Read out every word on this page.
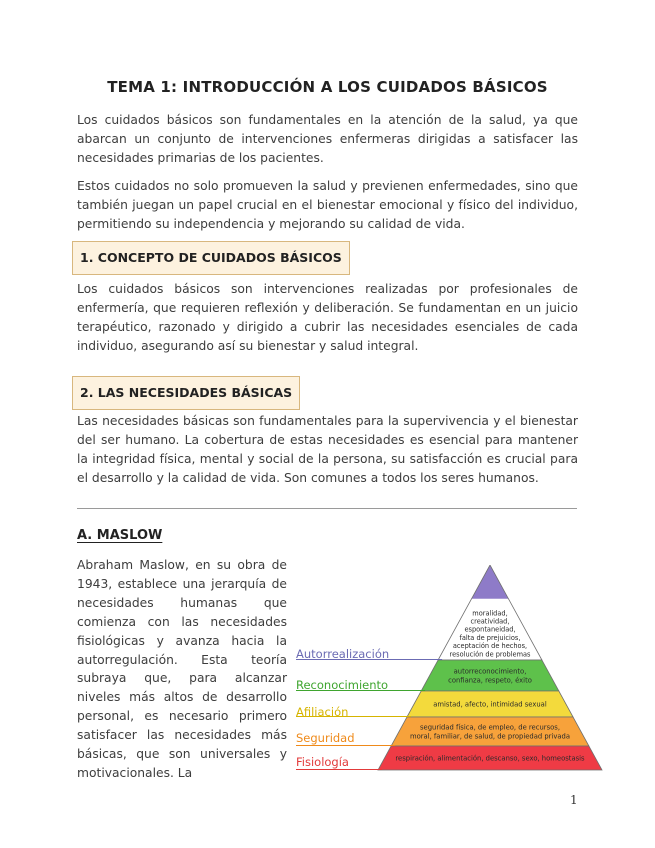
TEMA 1: INTRODUCCIÓN A LOS CUIDADOS BÁSICOS

Los cuidados básicos son fundamentales en la atención de la salud, ya que abarcan un conjunto de intervenciones enfermeras dirigidas a satisfacer las necesidades primarias de los pacientes.

Estos cuidados no solo promueven la salud y previenen enfermedades, sino que también juegan un papel crucial en el bienestar emocional y físico del individuo, permitiendo su independencia y mejorando su calidad de vida.

1. CONCEPTO DE CUIDADOS BÁSICOS

Los cuidados básicos son intervenciones realizadas por profesionales de enfermería, que requieren reflexión y deliberación. Se fundamentan en un juicio terapéutico, razonado y dirigido a cubrir las necesidades esenciales de cada individuo, asegurando así su bienestar y salud integral.

2. LAS NECESIDADES BÁSICAS

Las necesidades básicas son fundamentales para la supervivencia y el bienestar del ser humano. La cobertura de estas necesidades es esencial para mantener la integridad física, mental y social de la persona, su satisfacción es crucial para el desarrollo y la calidad de vida. Son comunes a todos los seres humanos.

A. MASLOW

Abraham Maslow, en su obra de 1943, establece una jerarquía de necesidades humanas que comienza con las necesidades fisiológicas y avanza hacia la autorregulación. Esta teoría subraya que, para alcanzar niveles más altos de desarrollo personal, es necesario primero satisfacer las necesidades más básicas, que son universales y motivacionales. La

moralidad,
creatividad,
espontaneidad,
falta de prejuicios,
aceptación de hechos,
resolución de problemas
autorreconocimiento,
confianza, respeto, éxito
amistad, afecto, intimidad sexual
seguridad física, de empleo, de recursos,
moral, familiar, de salud, de propiedad privada
respiración, alimentación, descanso, sexo, homeostasis
Autorrealización
Reconocimiento
Afiliación
Seguridad
Fisiología
1
